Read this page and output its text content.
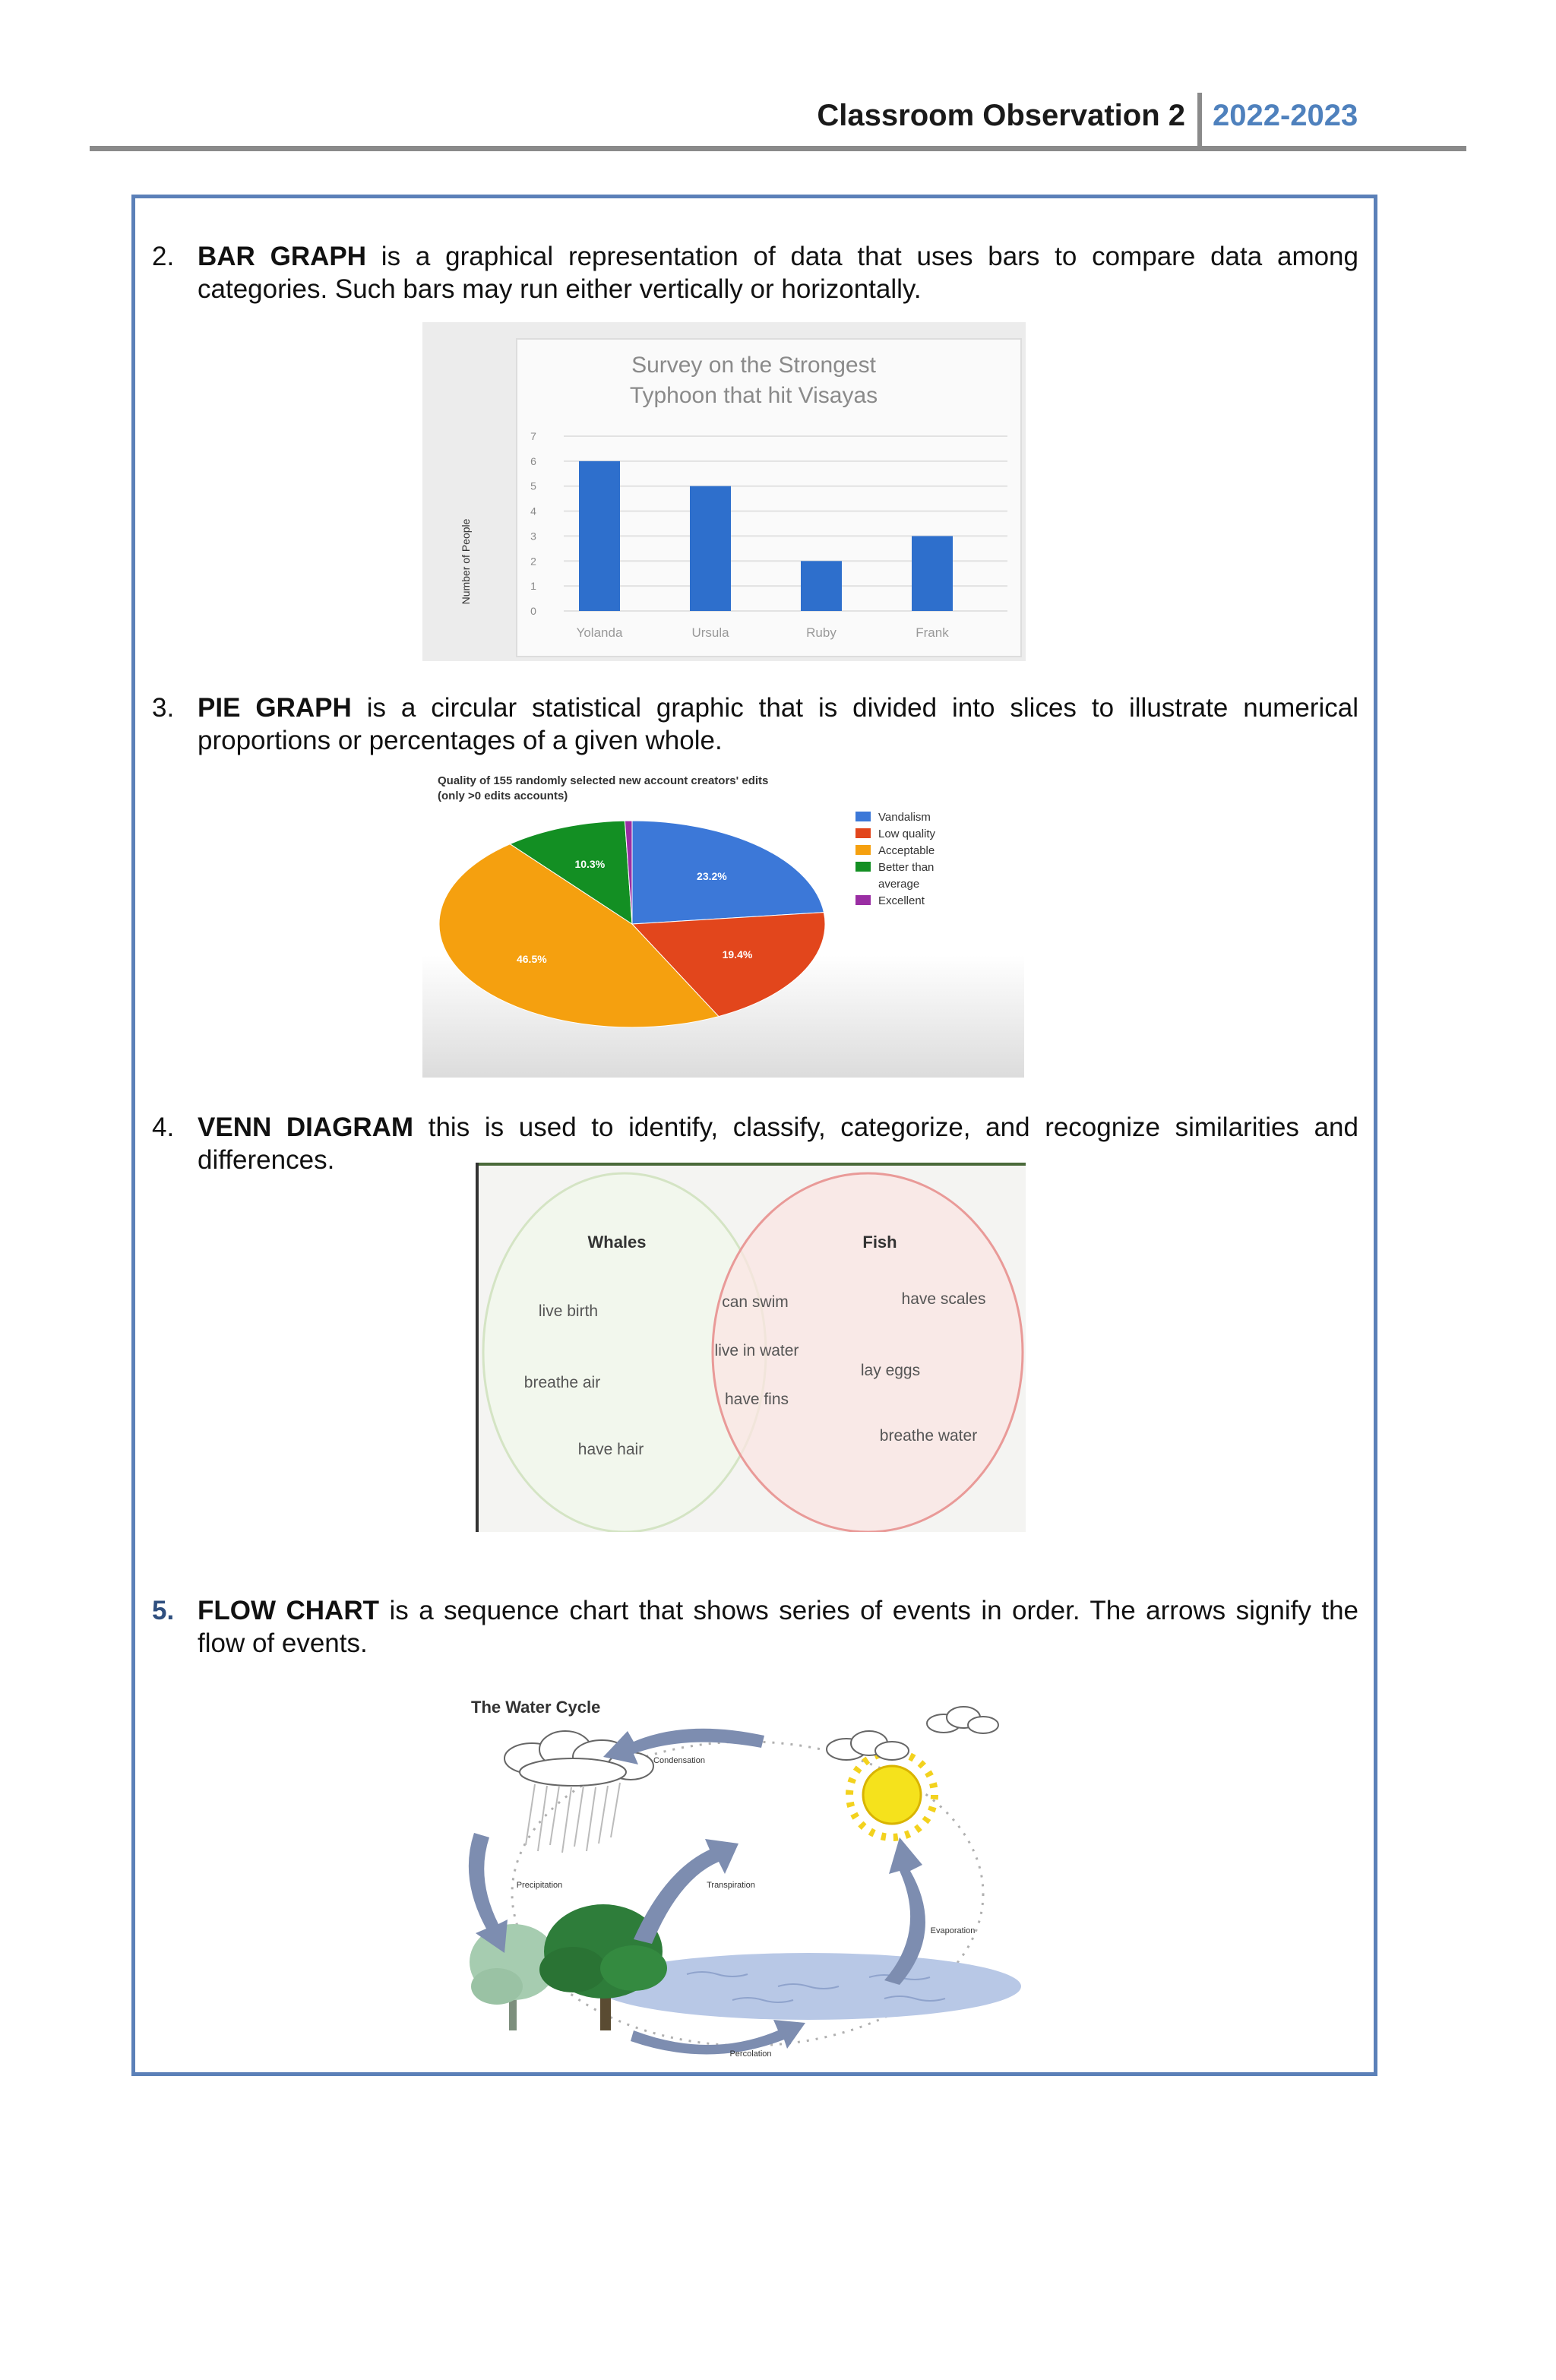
Classroom Observation 2 2022-2023
2. BAR GRAPH is a graphical representation of data that uses bars to compare data among categories. Such bars may run either vertically or horizontally.
Survey on the Strongest
Typhoon that hit Visayas
Number of People
0
1
2
3
4
5
6
7
Yolanda	Ursula	Ruby	Frank
3. PIE GRAPH is a circular statistical graphic that is divided into slices to illustrate numerical proportions or percentages of a given whole.
Quality of 155 randomly selected new account creators' edits
(only >0 edits accounts)
23.2%
19.4%
46.5%
10.3%
Vandalism
Low quality
Acceptable
Better than
average
Excellent
4. VENN DIAGRAM this is used to identify, classify, categorize, and recognize similarities and differences.
Whales	Fish
live birth
breathe air
have hair
can swim
live in water
have fins
have scales
lay eggs
breathe water
5. FLOW CHART is a sequence chart that shows series of events in order. The arrows signify the flow of events.
The Water Cycle
Condensation
Precipitation	Transpiration
Evaporation
Percolation
